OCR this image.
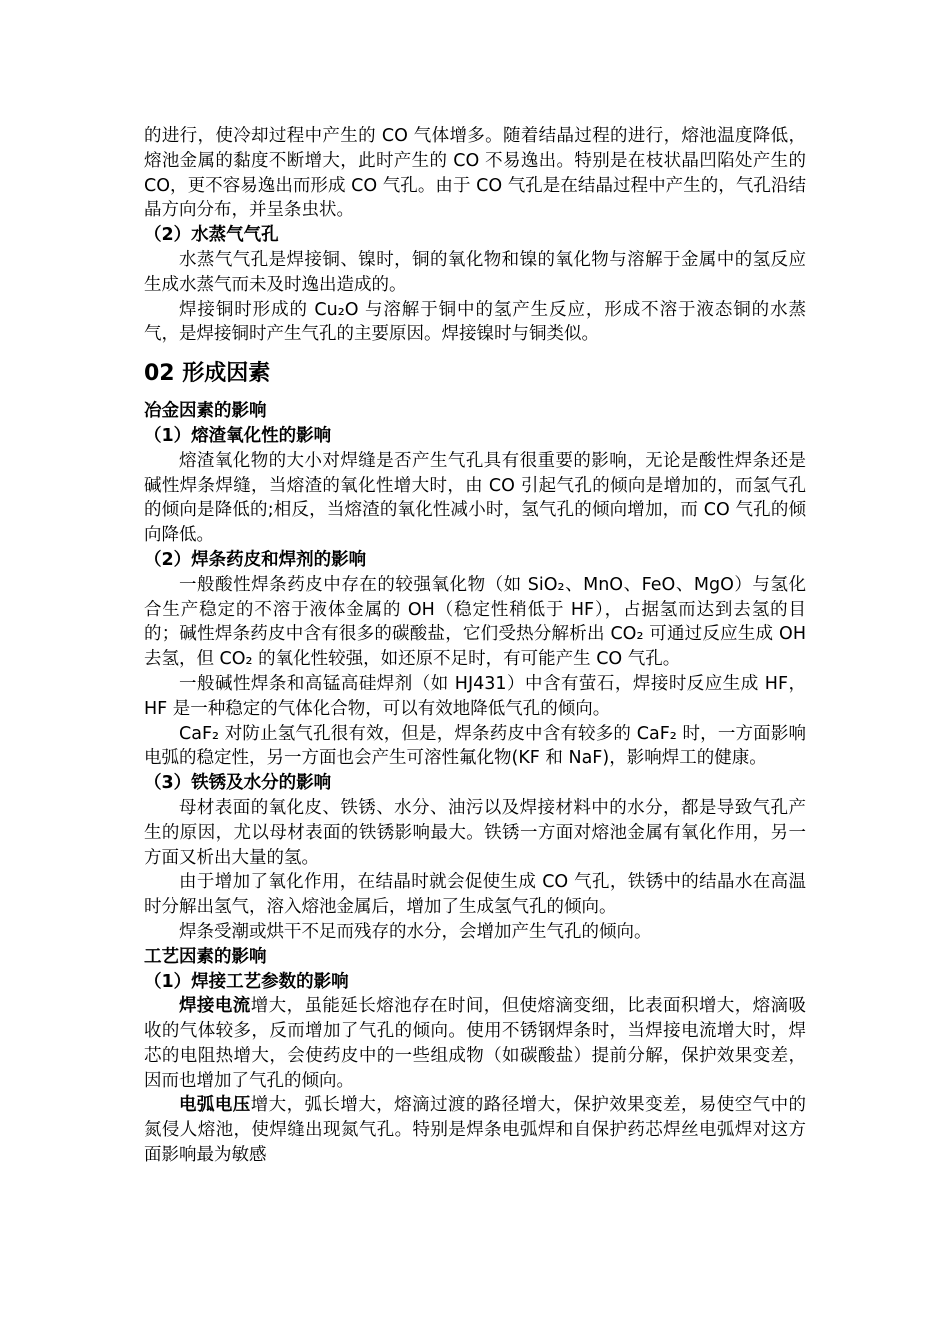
的进行，使冷却过程中产生的 CO 气体增多。随着结晶过程的进行，熔池温度降低，熔池金属的黏度不断增大，此时产生的 CO 不易逸出。特别是在枝状晶凹陷处产生的 CO，更不容易逸出而形成 CO 气孔。由于 CO 气孔是在结晶过程中产生的，气孔沿结晶方向分布，并呈条虫状。

（2）水蒸气气孔

水蒸气气孔是焊接铜、镍时，铜的氧化物和镍的氧化物与溶解于金属中的氢反应生成水蒸气而未及时逸出造成的。

焊接铜时形成的 Cu₂O 与溶解于铜中的氢产生反应，形成不溶于液态铜的水蒸气，是焊接铜时产生气孔的主要原因。焊接镍时与铜类似。

02 形成因素

冶金因素的影响

（1）熔渣氧化性的影响

熔渣氧化物的大小对焊缝是否产生气孔具有很重要的影响，无论是酸性焊条还是碱性焊条焊缝，当熔渣的氧化性增大时，由 CO 引起气孔的倾向是增加的，而氢气孔的倾向是降低的;相反，当熔渣的氧化性减小时，氢气孔的倾向增加，而 CO 气孔的倾向降低。

（2）焊条药皮和焊剂的影响

一般酸性焊条药皮中存在的较强氧化物（如 SiO₂、MnO、FeO、MgO）与氢化合生产稳定的不溶于液体金属的 OH（稳定性稍低于 HF），占据氢而达到去氢的目的；碱性焊条药皮中含有很多的碳酸盐，它们受热分解析出 CO₂ 可通过反应生成 OH 去氢，但 CO₂ 的氧化性较强，如还原不足时，有可能产生 CO 气孔。

一般碱性焊条和高锰高硅焊剂（如 HJ431）中含有萤石，焊接时反应生成 HF，HF 是一种稳定的气体化合物，可以有效地降低气孔的倾向。

CaF₂ 对防止氢气孔很有效，但是，焊条药皮中含有较多的 CaF₂ 时，一方面影响电弧的稳定性，另一方面也会产生可溶性氟化物(KF 和 NaF)，影响焊工的健康。

（3）铁锈及水分的影响

母材表面的氧化皮、铁锈、水分、油污以及焊接材料中的水分，都是导致气孔产生的原因，尤以母材表面的铁锈影响最大。铁锈一方面对熔池金属有氧化作用，另一方面又析出大量的氢。

由于增加了氧化作用，在结晶时就会促使生成 CO 气孔，铁锈中的结晶水在高温时分解出氢气，溶入熔池金属后，增加了生成氢气孔的倾向。

焊条受潮或烘干不足而残存的水分，会增加产生气孔的倾向。

工艺因素的影响

（1）焊接工艺参数的影响

焊接电流增大，虽能延长熔池存在时间，但使熔滴变细，比表面积增大，熔滴吸收的气体较多，反而增加了气孔的倾向。使用不锈钢焊条时，当焊接电流增大时，焊芯的电阻热增大，会使药皮中的一些组成物（如碳酸盐）提前分解，保护效果变差，因而也增加了气孔的倾向。

电弧电压增大，弧长增大，熔滴过渡的路径增大，保护效果变差，易使空气中的氮侵人熔池，使焊缝出现氮气孔。特别是焊条电弧焊和自保护药芯焊丝电弧焊对这方面影响最为敏感
